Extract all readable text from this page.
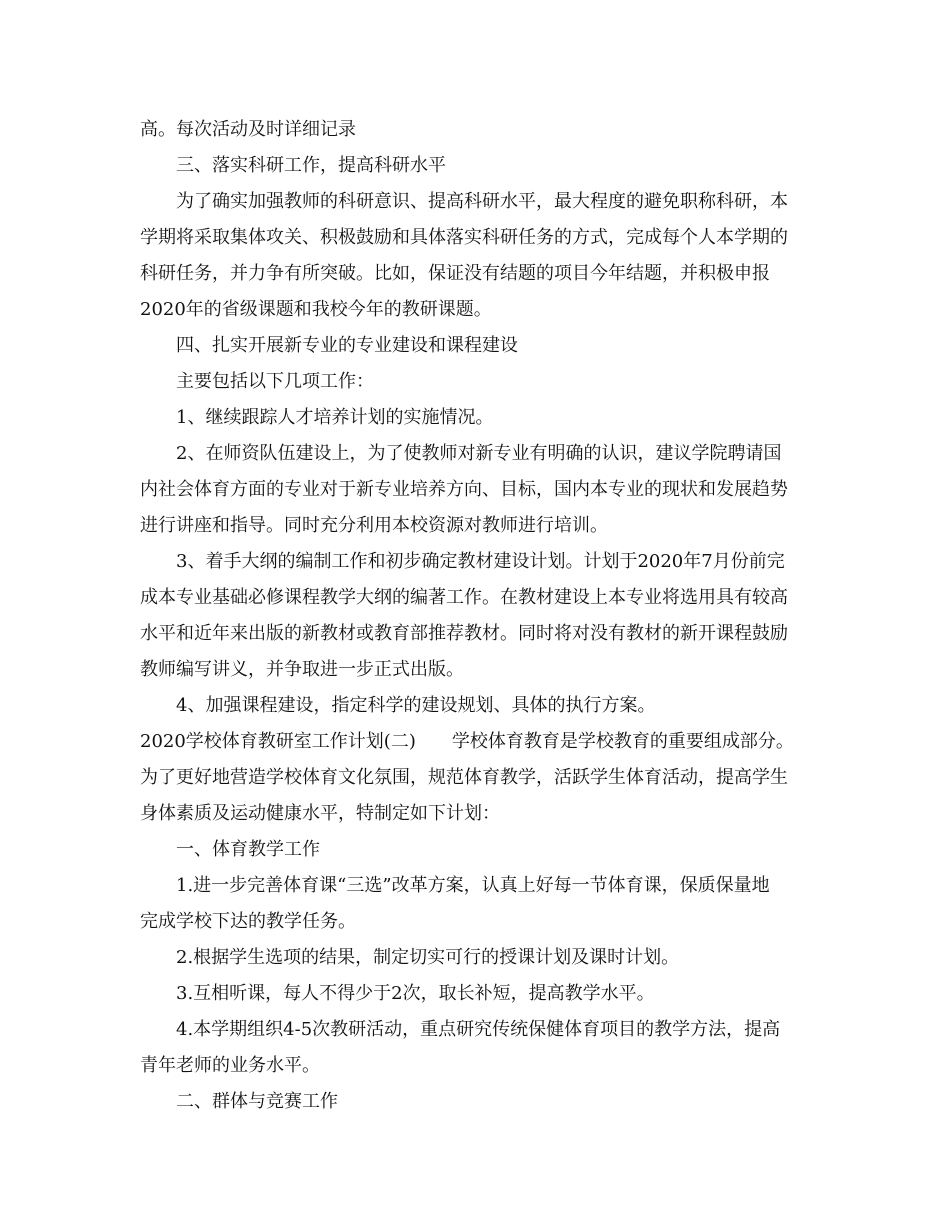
高。每次活动及时详细记录
三、落实科研工作，提高科研水平
为了确实加强教师的科研意识、提高科研水平，最大程度的避免职称科研，本
学期将采取集体攻关、积极鼓励和具体落实科研任务的方式，完成每个人本学期的
科研任务，并力争有所突破。比如，保证没有结题的项目今年结题，并积极申报
2020年的省级课题和我校今年的教研课题。
四、扎实开展新专业的专业建设和课程建设
主要包括以下几项工作：
1、继续跟踪人才培养计划的实施情况。
2、在师资队伍建设上，为了使教师对新专业有明确的认识，建议学院聘请国
内社会体育方面的专业对于新专业培养方向、目标，国内本专业的现状和发展趋势
进行讲座和指导。同时充分利用本校资源对教师进行培训。
3、着手大纲的编制工作和初步确定教材建设计划。计划于2020年7月份前完
成本专业基础必修课程教学大纲的编著工作。在教材建设上本专业将选用具有较高
水平和近年来出版的新教材或教育部推荐教材。同时将对没有教材的新开课程鼓励
教师编写讲义，并争取进一步正式出版。
4、加强课程建设，指定科学的建设规划、具体的执行方案。
2020学校体育教研室工作计划(二)　　学校体育教育是学校教育的重要组成部分。
为了更好地营造学校体育文化氛围，规范体育教学，活跃学生体育活动，提高学生
身体素质及运动健康水平，特制定如下计划：
一、体育教学工作
1.进一步完善体育课“三选”改革方案，认真上好每一节体育课，保质保量地
完成学校下达的教学任务。
2.根据学生选项的结果，制定切实可行的授课计划及课时计划。
3.互相听课，每人不得少于2次，取长补短，提高教学水平。
4.本学期组织4-5次教研活动，重点研究传统保健体育项目的教学方法，提高
青年老师的业务水平。
二、群体与竞赛工作
